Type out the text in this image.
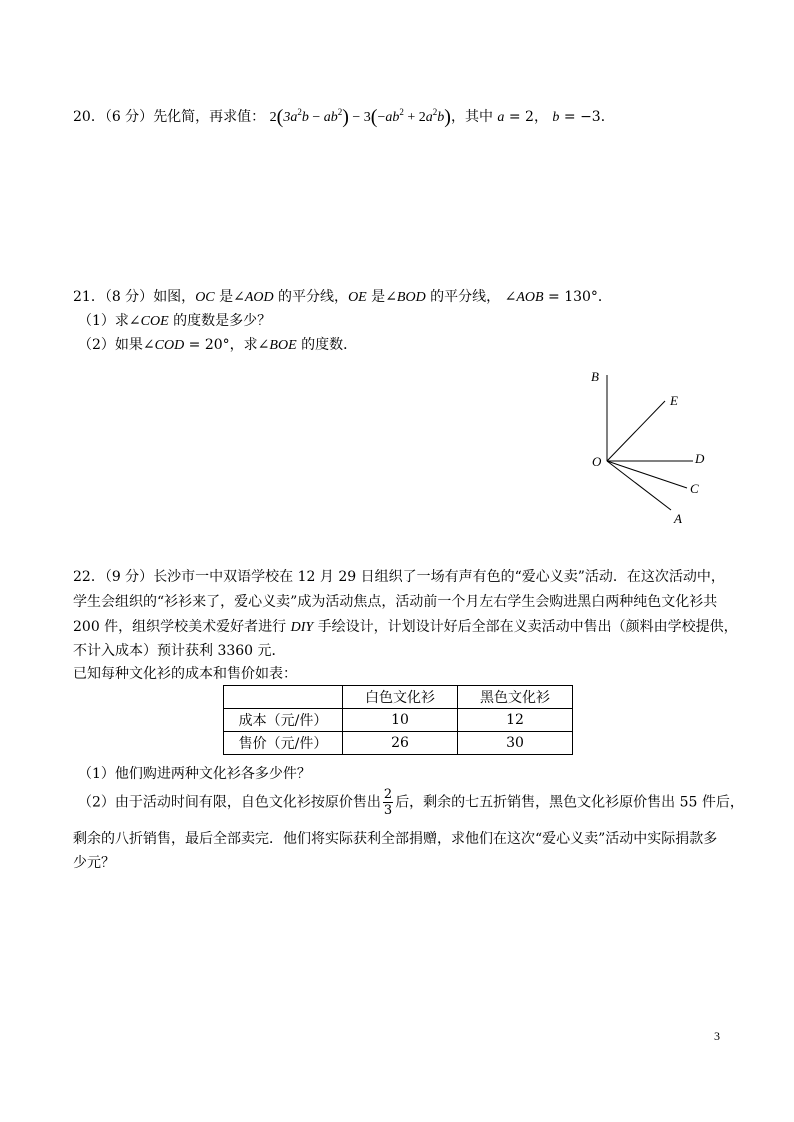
20．（6 分）先化简，再求值： $2(3a^2b - ab^2) - 3(-ab^2 + 2a^2b)$，其中 a = 2， b = −3．
21．（8 分）如图，OC 是∠AOD 的平分线，OE 是∠BOD 的平分线， ∠AOB = 130°．
（1）求∠COE 的度数是多少？
（2）如果∠COD = 20°，求∠BOE 的度数．
B
E
O	D
C
A
22．（9 分）长沙市一中双语学校在 12 月 29 日组织了一场有声有色的“爱心义卖”活动．在这次活动中，
学生会组织的“衫衫来了，爱心义卖”成为活动焦点，活动前一个月左右学生会购进黑白两种纯色文化衫共
200 件，组织学校美术爱好者进行 DIY 手绘设计，计划设计好后全部在义卖活动中售出（颜料由学校提供，
不计入成本）预计获利 3360 元．
已知每种文化衫的成本和售价如表：
	白色文化衫	黑色文化衫
成本（元/件）	10	12
售价（元/件）	26	30
（1）他们购进两种文化衫各多少件？
（2）由于活动时间有限，自色文化衫按原价售出 $\frac{2}{3}$ 后，剩余的七五折销售，黑色文化衫原价售出 55 件后，
剩余的八折销售，最后全部卖完．他们将实际获利全部捐赠，求他们在这次“爱心义卖”活动中实际捐款多
少元？
3
